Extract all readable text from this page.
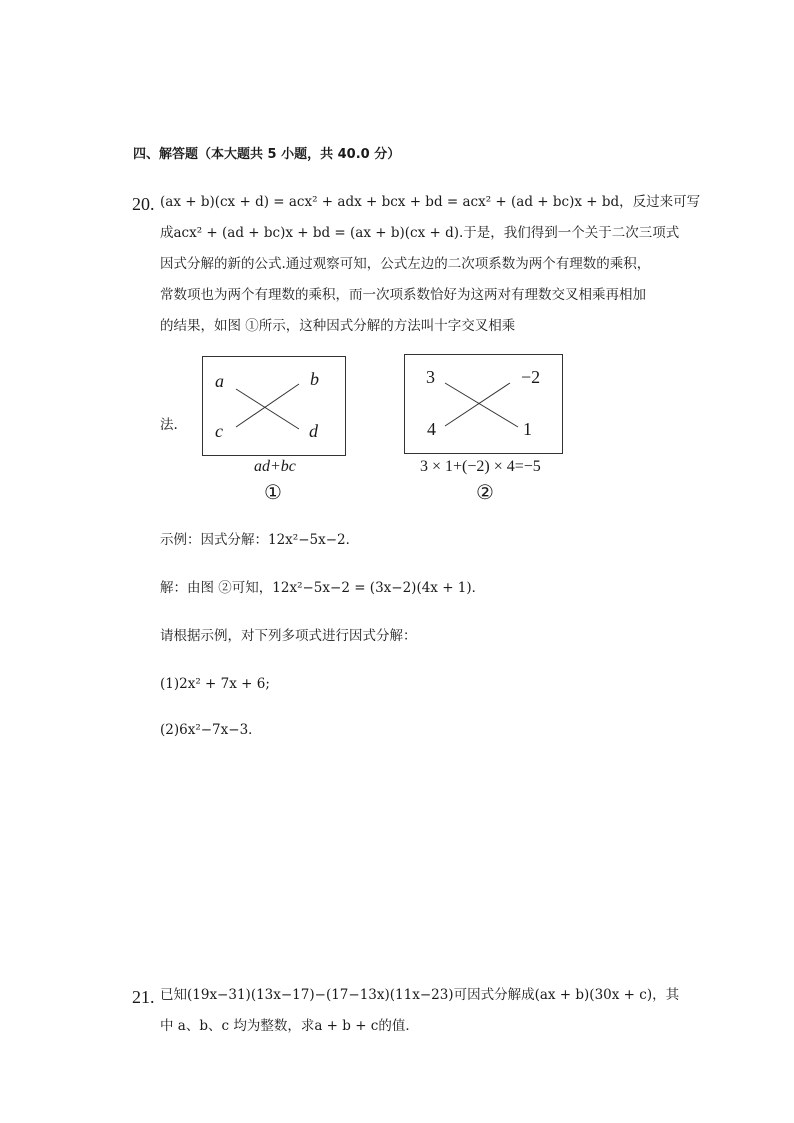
四、解答题（本大题共 5 小题，共 40.0 分）
20. (ax + b)(cx + d) = acx² + adx + bcx + bd = acx² + (ad + bc)x + bd，反过来可写
成acx² + (ad + bc)x + bd = (ax + b)(cx + d).于是，我们得到一个关于二次三项式
因式分解的新的公式.通过观察可知，公式左边的二次项系数为两个有理数的乘积，
常数项也为两个有理数的乘积，而一次项系数恰好为这两对有理数交叉相乘再相加
的结果，如图 ①所示，这种因式分解的方法叫十字交叉相乘
法.
a	b
c	d
ad+bc
①
3	−2
4	1
3 × 1+(−2) × 4=−5
②
示例：因式分解：12x²−5x−2．
解：由图 ②可知，12x²−5x−2 = (3x−2)(4x + 1)．
请根据示例，对下列多项式进行因式分解：
(1)2x² + 7x + 6;
(2)6x²−7x−3．
21. 已知(19x−31)(13x−17)−(17−13x)(11x−23)可因式分解成(ax + b)(30x + c)，其
中 a、b、c 均为整数，求a + b + c的值．
